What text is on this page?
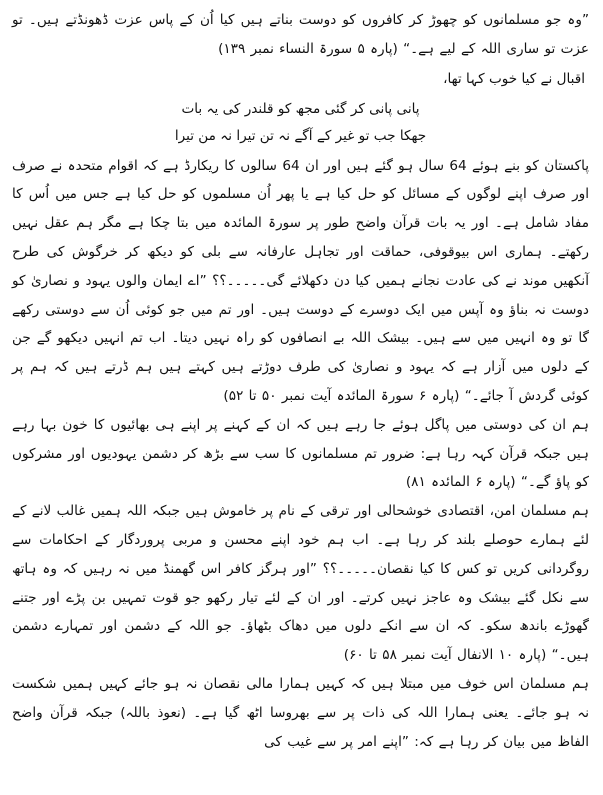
”وہ جو مسلمانوں کو چھوڑ کر کافروں کو دوست بناتے ہیں کیا اُن کے پاس عزت ڈھونڈتے ہیں۔ تو عزت تو ساری اللہ کے لیے ہے۔“ (پارہ ۵ سورۃ النساء نمبر ۱۳۹)

اقبال نے کیا خوب کہا تھا،

پانی پانی کر گئی مجھ کو قلندر کی یہ بات

جھکا جب تو غیر کے آگے نہ تن تیرا نہ من تیرا

پاکستان کو بنے ہوئے 64 سال ہو گئے ہیں اور ان 64 سالوں کا ریکارڈ ہے کہ اقوام متحدہ نے صرف اور صرف اپنے لوگوں کے مسائل کو حل کیا ہے یا پھر اُن مسلموں کو حل کیا ہے جس میں اُس کا مفاد شامل ہے۔ اور یہ بات قرآن واضح طور پر سورۃ المائدہ میں بتا چکا ہے مگر ہم عقل نہیں رکھتے۔ ہماری اس بیوقوفی، حماقت اور تجاہل عارفانہ سے بلی کو دیکھ کر خرگوش کی طرح آنکھیں موند نے کی عادت نجانے ہمیں کیا دن دکھلائے گی۔۔۔۔۔؟؟ ”اے ایمان والوں یہود و نصاریٰ کو دوست نہ بناؤ وہ آپس میں ایک دوسرے کے دوست ہیں۔ اور تم میں جو کوئی اُن سے دوستی رکھے گا تو وہ انہیں میں سے ہیں۔ بیشک اللہ بے انصافوں کو راہ نہیں دیتا۔ اب تم انہیں دیکھو گے جن کے دلوں میں آزار ہے کہ یہود و نصاریٰ کی طرف دوڑتے ہیں کہتے ہیں ہم ڈرتے ہیں کہ ہم پر کوئی گردش آ جائے۔“ (پارہ ۶ سورۃ المائدہ آیت نمبر ۵۰ تا ۵۲)

ہم ان کی دوستی میں پاگل ہوئے جا رہے ہیں کہ ان کے کہنے پر اپنے ہی بھائیوں کا خون بہا رہے ہیں جبکہ قرآن کہہ رہا ہے: ضرور تم مسلمانوں کا سب سے بڑھ کر دشمن یہودیوں اور مشرکوں کو پاؤ گے۔“ (پارہ ۶ المائدہ ۸۱)

ہم مسلمان امن، اقتصادی خوشحالی اور ترقی کے نام پر خاموش ہیں جبکہ اللہ ہمیں غالب لانے کے لئے ہمارے حوصلے بلند کر رہا ہے۔ اب ہم خود اپنے محسن و مربی پروردگار کے احکامات سے روگردانی کریں تو کس کا کیا نقصان۔۔۔۔۔؟؟ ”اور ہرگز کافر اس گھمنڈ میں نہ رہیں کہ وہ ہاتھ سے نکل گئے بیشک وہ عاجز نہیں کرتے۔ اور ان کے لئے تیار رکھو جو قوت تمہیں بن پڑے اور جتنے گھوڑے باندھ سکو۔ کہ ان سے انکے دلوں میں دھاک بٹھاؤ۔ جو اللہ کے دشمن اور تمہارے دشمن ہیں۔“ (پارہ ۱۰ الانفال آیت نمبر ۵۸ تا ۶۰)

ہم مسلمان اس خوف میں مبتلا ہیں کہ کہیں ہمارا مالی نقصان نہ ہو جائے کہیں ہمیں شکست نہ ہو جائے۔ یعنی ہمارا اللہ کی ذات پر سے بھروسا اٹھ گیا ہے۔ (نعوذ باللہ) جبکہ قرآن واضح الفاظ میں بیان کر رہا ہے کہ: ”اپنے امر پر سے غیب کی
